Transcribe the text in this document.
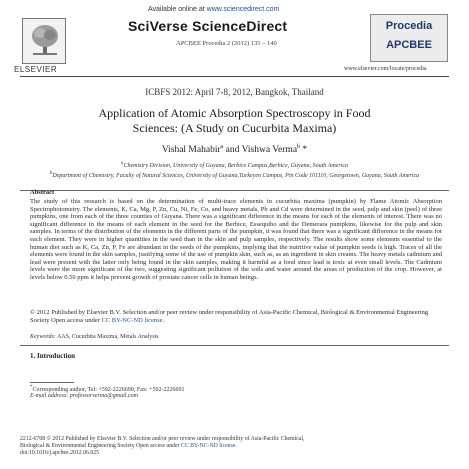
ELSEVIER
Available online at www.sciencedirect.com
SciVerse ScienceDirect
APCBEE Procedia 2 (2012) 135 – 140
Procedia
APCBEE
www.elsevier.com/locate/procedia
ICBFS 2012: April 7-8, 2012, Bangkok, Thailand
Application of Atomic Absorption Spectroscopy in Food
Sciences: (A Study on Cucurbita Maxima)
Vishal Mahabir$^a$ and Vishwa Verma$^b$ *
$^a$Chemistry Division, University of Guyana, Berbice Campus,Berbice, Guyana, South America
$^b$Department of Chemistry, Faculty of Natural Sciences, University of Guyana,Turkeyen Campus, Pin Code 101110, Georgetown, Guyana, South America
Abstract
The study of this research is based on the determination of multi-trace elements in cucurbita maxima (pumpkin) by Flame Atomic Absorption Spectrophotometry. The elements, K, Ca, Mg, P, Zn, Cu, Ni, Fe, Co, and heavy metals, Pb and Cd were determined in the seed, pulp and skin (peel) of three pumpkins, one from each of the three counties of Guyana. There was a significant difference in the means for each of the elements of interest. There was no significant difference in the means of each element in the seed for the Berbice, Essequibo and the Demerara pumpkins, likewise for the pulp and skin samples. In terms of the distribution of the elements in the different parts of the pumpkin, it was found that there was a significant difference in the means for each element. They were in higher quantities in the seed than in the skin and pulp samples, respectively. The results show some elements essential to the human diet such as K, Ca, Zn, P, Fe are abundant in the seeds of the pumpkins, implying that the nutritive value of pumpkin seeds is high. Traces of all the elements were found in the skin samples, justifying some of the use of pumpkin skin, such as, as an ingredient in skin creams. The heavy metals cadmium and lead were present with the latter only being found in the skin samples, making it harmful as a food since lead is toxic at even small levels. The Cadmium levels were the more significant of the two, suggesting significant pollution of the soils and water around the areas of production of the crop. However, at levels below 0.50 ppm it helps prevent growth of prostate cancer cells in human beings.
© 2012 Published by Elsevier B.V. Selection and/or peer review under responsibility of Asia-Pacific Chemical, Biological & Environmental Engineering Society Open access under CC BY-NC-ND license.
Keywords: AAS, Cucurbita Maxima, Metals Analysis
1. Introduction
*Corresponding author, Tel: +592-2226690; Fax: +592-2226691
E-mail address: professorverma@gmail.com
2212-6708 © 2012 Published by Elsevier B.V. Selection and/or peer review under responsibility of Asia-Pacific Chemical,
Biological & Environmental Engineering Society Open access under CC BY-NC-ND license.
doi:10.1016/j.apcbee.2012.06.025
